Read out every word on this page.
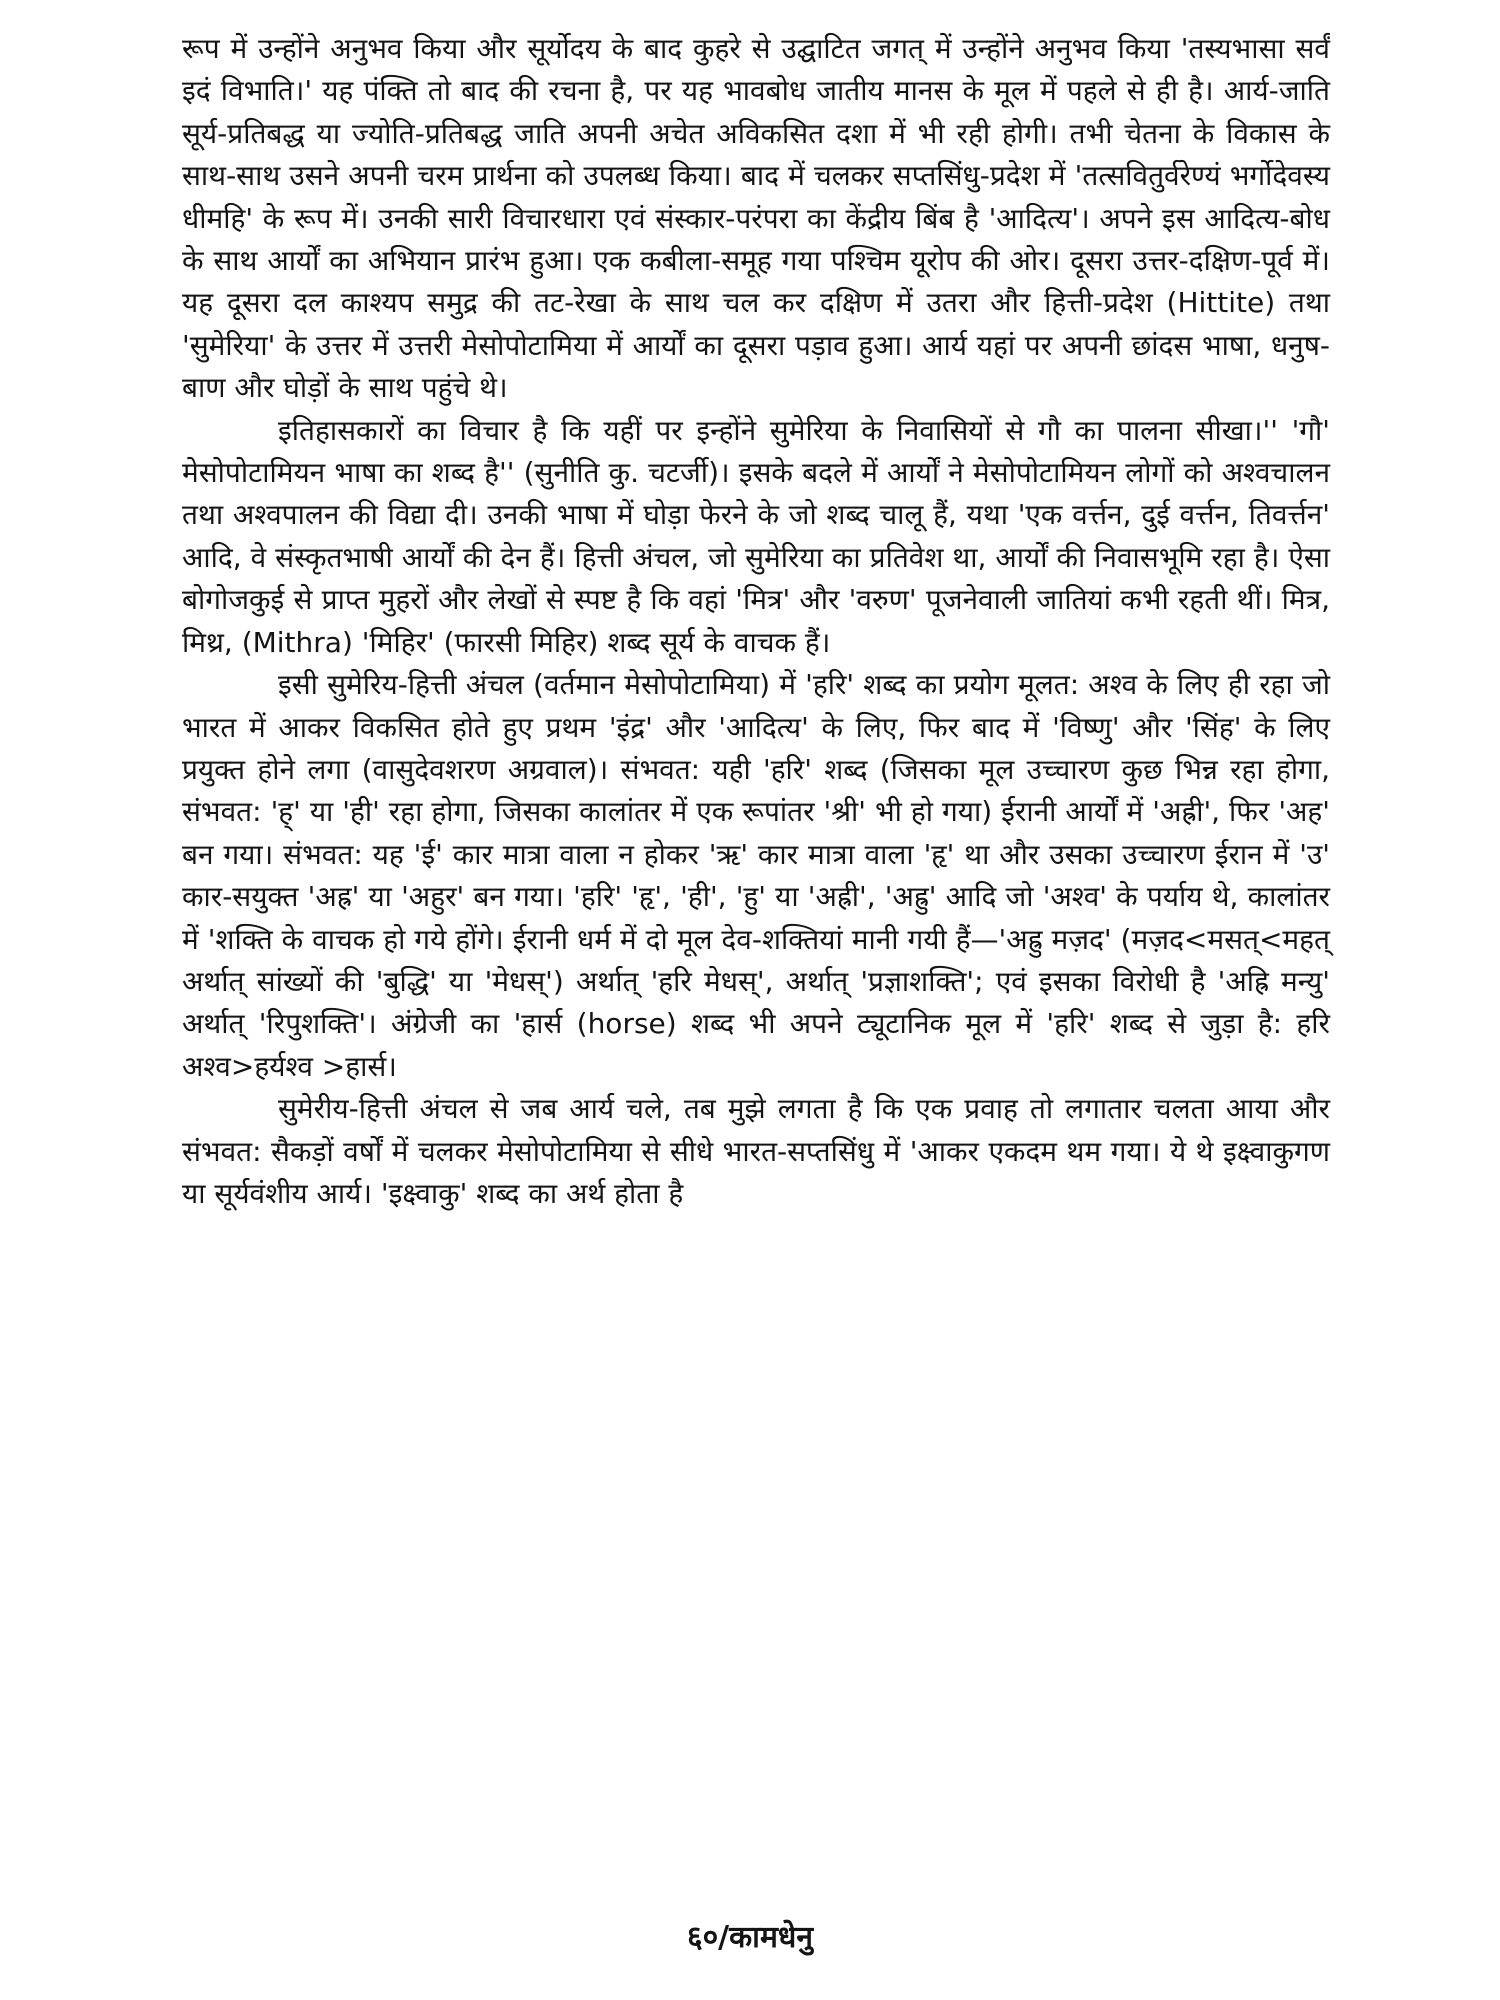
रूप में उन्होंने अनुभव किया और सूर्योदय के बाद कुहरे से उद्घाटित जगत् में उन्होंने अनुभव किया 'तस्यभासा सर्वं इदं विभाति।' यह पंक्ति तो बाद की रचना है, पर यह भावबोध जातीय मानस के मूल में पहले से ही है। आर्य-जाति सूर्य-प्रतिबद्ध या ज्योति-प्रतिबद्ध जाति अपनी अचेत अविकसित दशा में भी रही होगी। तभी चेतना के विकास के साथ-साथ उसने अपनी चरम प्रार्थना को उपलब्ध किया। बाद में चलकर सप्तसिंधु-प्रदेश में 'तत्सवितुर्वरेण्यं भर्गोदेवस्य धीमहि' के रूप में। उनकी सारी विचारधारा एवं संस्कार-परंपरा का केंद्रीय बिंब है 'आदित्य'। अपने इस आदित्य-बोध के साथ आर्यों का अभियान प्रारंभ हुआ। एक कबीला-समूह गया पश्चिम यूरोप की ओर। दूसरा उत्तर-दक्षिण-पूर्व में। यह दूसरा दल काश्यप समुद्र की तट-रेखा के साथ चल कर दक्षिण में उतरा और हित्ती-प्रदेश (Hittite) तथा 'सुमेरिया' के उत्तर में उत्तरी मेसोपोटामिया में आर्यों का दूसरा पड़ाव हुआ। आर्य यहां पर अपनी छांदस भाषा, धनुष-बाण और घोड़ों के साथ पहुंचे थे।

इतिहासकारों का विचार है कि यहीं पर इन्होंने सुमेरिया के निवासियों से गौ का पालना सीखा।'' 'गौ' मेसोपोटामियन भाषा का शब्द है'' (सुनीति कु. चटर्जी)। इसके बदले में आर्यों ने मेसोपोटामियन लोगों को अश्वचालन तथा अश्वपालन की विद्या दी। उनकी भाषा में घोड़ा फेरने के जो शब्द चालू हैं, यथा 'एक वर्त्तन, दुई वर्त्तन, तिवर्त्तन' आदि, वे संस्कृतभाषी आर्यों की देन हैं। हित्ती अंचल, जो सुमेरिया का प्रतिवेश था, आर्यों की निवासभूमि रहा है। ऐसा बोगोजकुई से प्राप्त मुहरों और लेखों से स्पष्ट है कि वहां 'मित्र' और 'वरुण' पूजनेवाली जातियां कभी रहती थीं। मित्र, मिथ्र, (Mithra) 'मिहिर' (फारसी मिहिर) शब्द सूर्य के वाचक हैं।

इसी सुमेरिय-हित्ती अंचल (वर्तमान मेसोपोटामिया) में 'हरि' शब्द का प्रयोग मूलत: अश्व के लिए ही रहा जो भारत में आकर विकसित होते हुए प्रथम 'इंद्र' और 'आदित्य' के लिए, फिर बाद में 'विष्णु' और 'सिंह' के लिए प्रयुक्त होने लगा (वासुदेवशरण अग्रवाल)। संभवत: यही 'हरि' शब्द (जिसका मूल उच्चारण कुछ भिन्न रहा होगा, संभवत: 'ह्' या 'ही' रहा होगा, जिसका कालांतर में एक रूपांतर 'श्री' भी हो गया) ईरानी आर्यों में 'अह्री', फिर 'अह' बन गया। संभवत: यह 'ई' कार मात्रा वाला न होकर 'ऋ' कार मात्रा वाला 'हृ' था और उसका उच्चारण ईरान में 'उ' कार-सयुक्त 'अह्र' या 'अहुर' बन गया। 'हरि' 'हृ', 'ही', 'हु' या 'अह्री', 'अह्रु' आदि जो 'अश्व' के पर्याय थे, कालांतर में 'शक्ति के वाचक हो गये होंगे। ईरानी धर्म में दो मूल देव-शक्तियां मानी गयी हैं—'अह्रु मज़द' (मज़द<मसत्<महत् अर्थात् सांख्यों की 'बुद्धि' या 'मेधस्') अर्थात् 'हरि मेधस्', अर्थात् 'प्रज्ञाशक्ति'; एवं इसका विरोधी है 'अह्रि मन्यु' अर्थात् 'रिपुशक्ति'। अंग्रेजी का 'हार्स (horse) शब्द भी अपने ट्यूटानिक मूल में 'हरि' शब्द से जुड़ा है: हरि अश्व>हर्यश्व >हार्स।

सुमेरीय-हित्ती अंचल से जब आर्य चले, तब मुझे लगता है कि एक प्रवाह तो लगातार चलता आया और संभवत: सैकड़ों वर्षों में चलकर मेसोपोटामिया से सीधे भारत-सप्तसिंधु में 'आकर एकदम थम गया। ये थे इक्ष्वाकुगण या सूर्यवंशीय आर्य। 'इक्ष्वाकु' शब्द का अर्थ होता है

६०/कामधेनु
